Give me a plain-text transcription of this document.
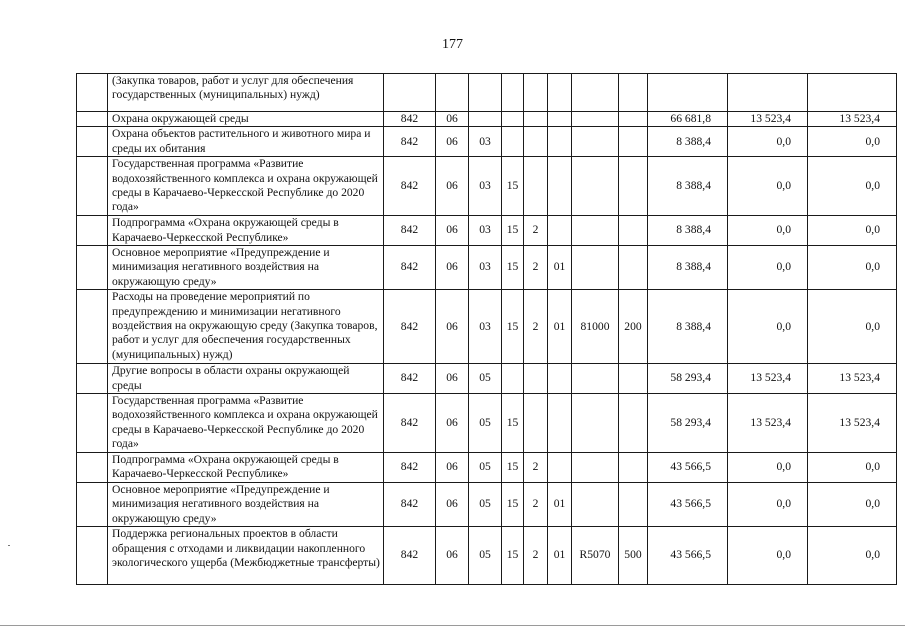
177
	(Закупка товаров, работ и услуг для обеспечения государственных (муниципальных) нужд)											
	Охрана окружающей среды	842	06							66 681,8	13 523,4	13 523,4
	Охрана объектов растительного и животного мира и среды их обитания	842	06	03						8 388,4	0,0	0,0
	Государственная программа «Развитие водохозяйственного комплекса и охрана окружающей среды в Карачаево-Черкесской Республике до 2020 года»	842	06	03	15					8 388,4	0,0	0,0
	Подпрограмма «Охрана окружающей среды в Карачаево-Черкесской Республике»	842	06	03	15	2				8 388,4	0,0	0,0
	Основное мероприятие «Предупреждение и минимизация негативного воздействия на окружающую среду»	842	06	03	15	2	01			8 388,4	0,0	0,0
	Расходы на проведение мероприятий по предупреждению и минимизации негативного воздействия на окружающую среду (Закупка товаров, работ и услуг для обеспечения государственных (муниципальных) нужд)	842	06	03	15	2	01	81000	200	8 388,4	0,0	0,0
	Другие вопросы в области охраны окружающей среды	842	06	05						58 293,4	13 523,4	13 523,4
	Государственная программа «Развитие водохозяйственного комплекса и охрана окружающей среды в Карачаево-Черкесской Республике до 2020 года»	842	06	05	15					58 293,4	13 523,4	13 523,4
	Подпрограмма «Охрана окружающей среды в Карачаево-Черкесской Республике»	842	06	05	15	2				43 566,5	0,0	0,0
	Основное мероприятие «Предупреждение и минимизация негативного воздействия на окружающую среду»	842	06	05	15	2	01			43 566,5	0,0	0,0
	Поддержка региональных проектов в области обращения с отходами и ликвидации накопленного экологического ущерба (Межбюджетные трансферты)	842	06	05	15	2	01	R5070	500	43 566,5	0,0	0,0
